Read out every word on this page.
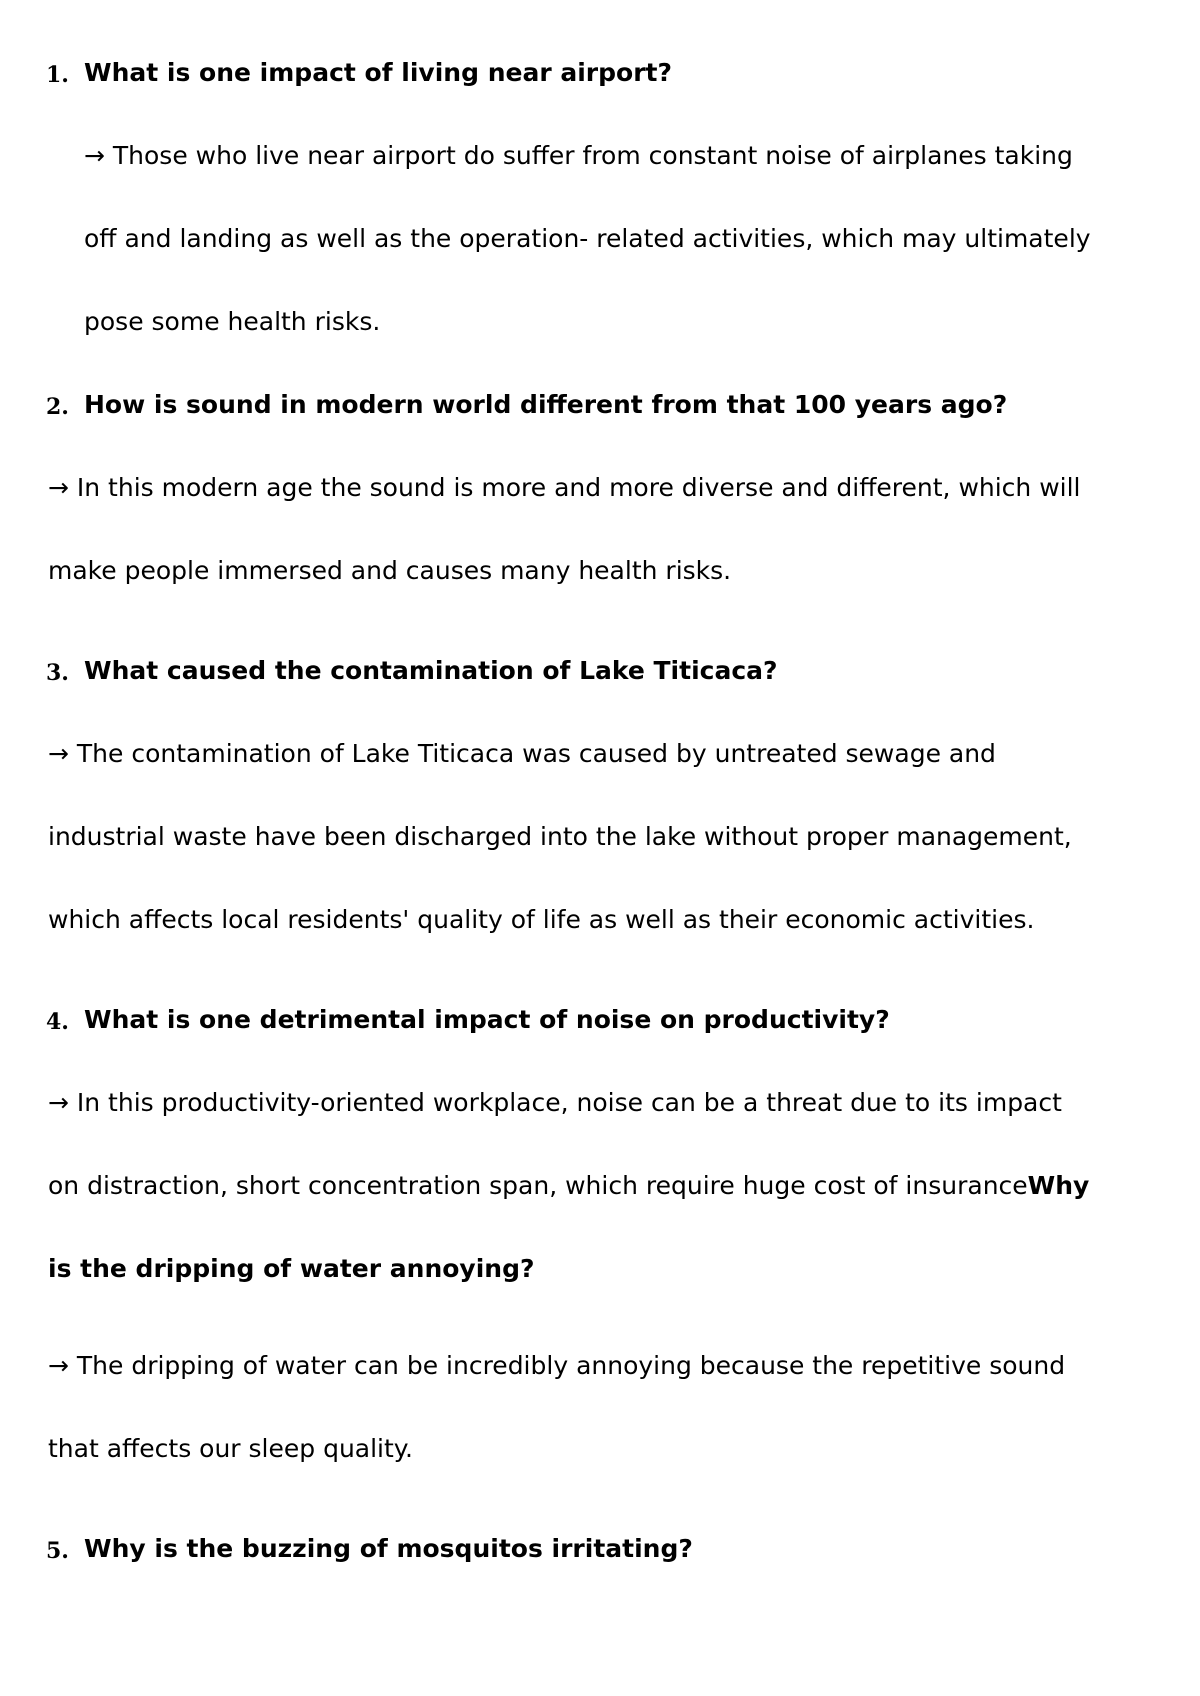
1. What is one impact of living near airport?
→ Those who live near airport do suffer from constant noise of airplanes taking
off and landing as well as the operation- related activities, which may ultimately
pose some health risks.
2. How is sound in modern world different from that 100 years ago?
→ In this modern age the sound is more and more diverse and different, which will
make people immersed and causes many health risks.
3. What caused the contamination of Lake Titicaca?
→ The contamination of Lake Titicaca was caused by untreated sewage and
industrial waste have been discharged into the lake without proper management,
which affects local residents' quality of life as well as their economic activities.
4. What is one detrimental impact of noise on productivity?
→ In this productivity-oriented workplace, noise can be a threat due to its impact
on distraction, short concentration span, which require huge cost of insuranceWhy
is the dripping of water annoying?
→ The dripping of water can be incredibly annoying because the repetitive sound
that affects our sleep quality.
5. Why is the buzzing of mosquitos irritating?
